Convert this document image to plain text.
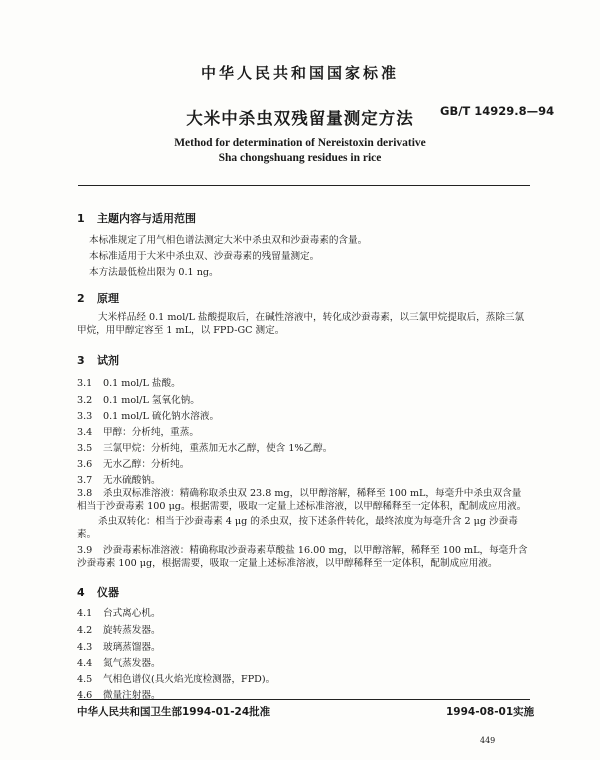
中华人民共和国国家标准
大米中杀虫双残留量测定方法	GB/T 14929.8—94
Method for determination of Nereistoxin derivative
Sha chongshuang residues in rice
1 主题内容与适用范围
本标准规定了用气相色谱法测定大米中杀虫双和沙蚕毒素的含量。
本标准适用于大米中杀虫双、沙蚕毒素的残留量测定。
本方法最低检出限为 0.1 ng。
2 原理
大米样品经 0.1 mol/L 盐酸提取后，在碱性溶液中，转化成沙蚕毒素，以三氯甲烷提取后，蒸除三氯甲烷，用甲醇定容至 1 mL，以 FPD-GC 测定。
3 试剂
3.1 0.1 mol/L 盐酸。
3.2 0.1 mol/L 氢氧化钠。
3.3 0.1 mol/L 硫化钠水溶液。
3.4 甲醇：分析纯，重蒸。
3.5 三氯甲烷：分析纯，重蒸加无水乙醇，使含 1%乙醇。
3.6 无水乙醇：分析纯。
3.7 无水硫酸钠。
3.8 杀虫双标准溶液：精确称取杀虫双 23.8 mg，以甲醇溶解，稀释至 100 mL，每毫升中杀虫双含量相当于沙蚕毒素 100 μg。根据需要，吸取一定量上述标准溶液，以甲醇稀释至一定体积，配制成应用液。
杀虫双转化：相当于沙蚕毒素 4 μg 的杀虫双，按下述条件转化，最终浓度为每毫升含 2 μg 沙蚕毒素。
3.9 沙蚕毒素标准溶液：精确称取沙蚕毒素草酸盐 16.00 mg，以甲醇溶解，稀释至 100 mL，每毫升含沙蚕毒素 100 μg，根据需要，吸取一定量上述标准溶液，以甲醇稀释至一定体积，配制成应用液。
4 仪器
4.1 台式离心机。
4.2 旋转蒸发器。
4.3 玻璃蒸馏器。
4.4 氮气蒸发器。
4.5 气相色谱仪(具火焰光度检测器，FPD)。
4.6 微量注射器。
中华人民共和国卫生部1994-01-24批准	1994-08-01实施
449
